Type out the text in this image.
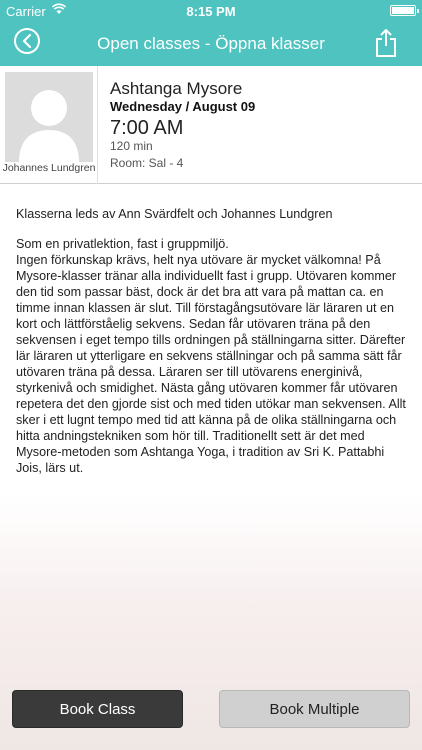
Carrier	8:15 PM
Open classes - Öppna klasser
Johannes Lundgren
Ashtanga Mysore
Wednesday / August 09
7:00 AM
120 min
Room: Sal - 4

Klasserna leds av Ann Svärdfelt och Johannes Lundgren

Som en privatlektion, fast i gruppmiljö.

Ingen förkunskap krävs, helt nya utövare är mycket välkomna! På Mysore-klasser tränar alla individuellt fast i grupp. Utövaren kommer den tid som passar bäst, dock är det bra att vara på mattan ca. en timme innan klassen är slut. Till förstagångsutövare lär läraren ut en kort och lättförståelig sekvens. Sedan får utövaren träna på den sekvensen i eget tempo tills ordningen på ställningarna sitter. Därefter lär läraren ut ytterligare en sekvens ställningar och på samma sätt får utövaren träna på dessa. Läraren ser till utövarens energinivå, styrkenivå och smidighet. Nästa gång utövaren kommer får utövaren repetera det den gjorde sist och med tiden utökar man sekvensen. Allt sker i ett lugnt tempo med tid att känna på de olika ställningarna och hitta andningstekniken som hör till. Traditionellt sett är det med Mysore-metoden som Ashtanga Yoga, i tradition av Sri K. Pattabhi Jois, lärs ut.

Book Class	Book Multiple
